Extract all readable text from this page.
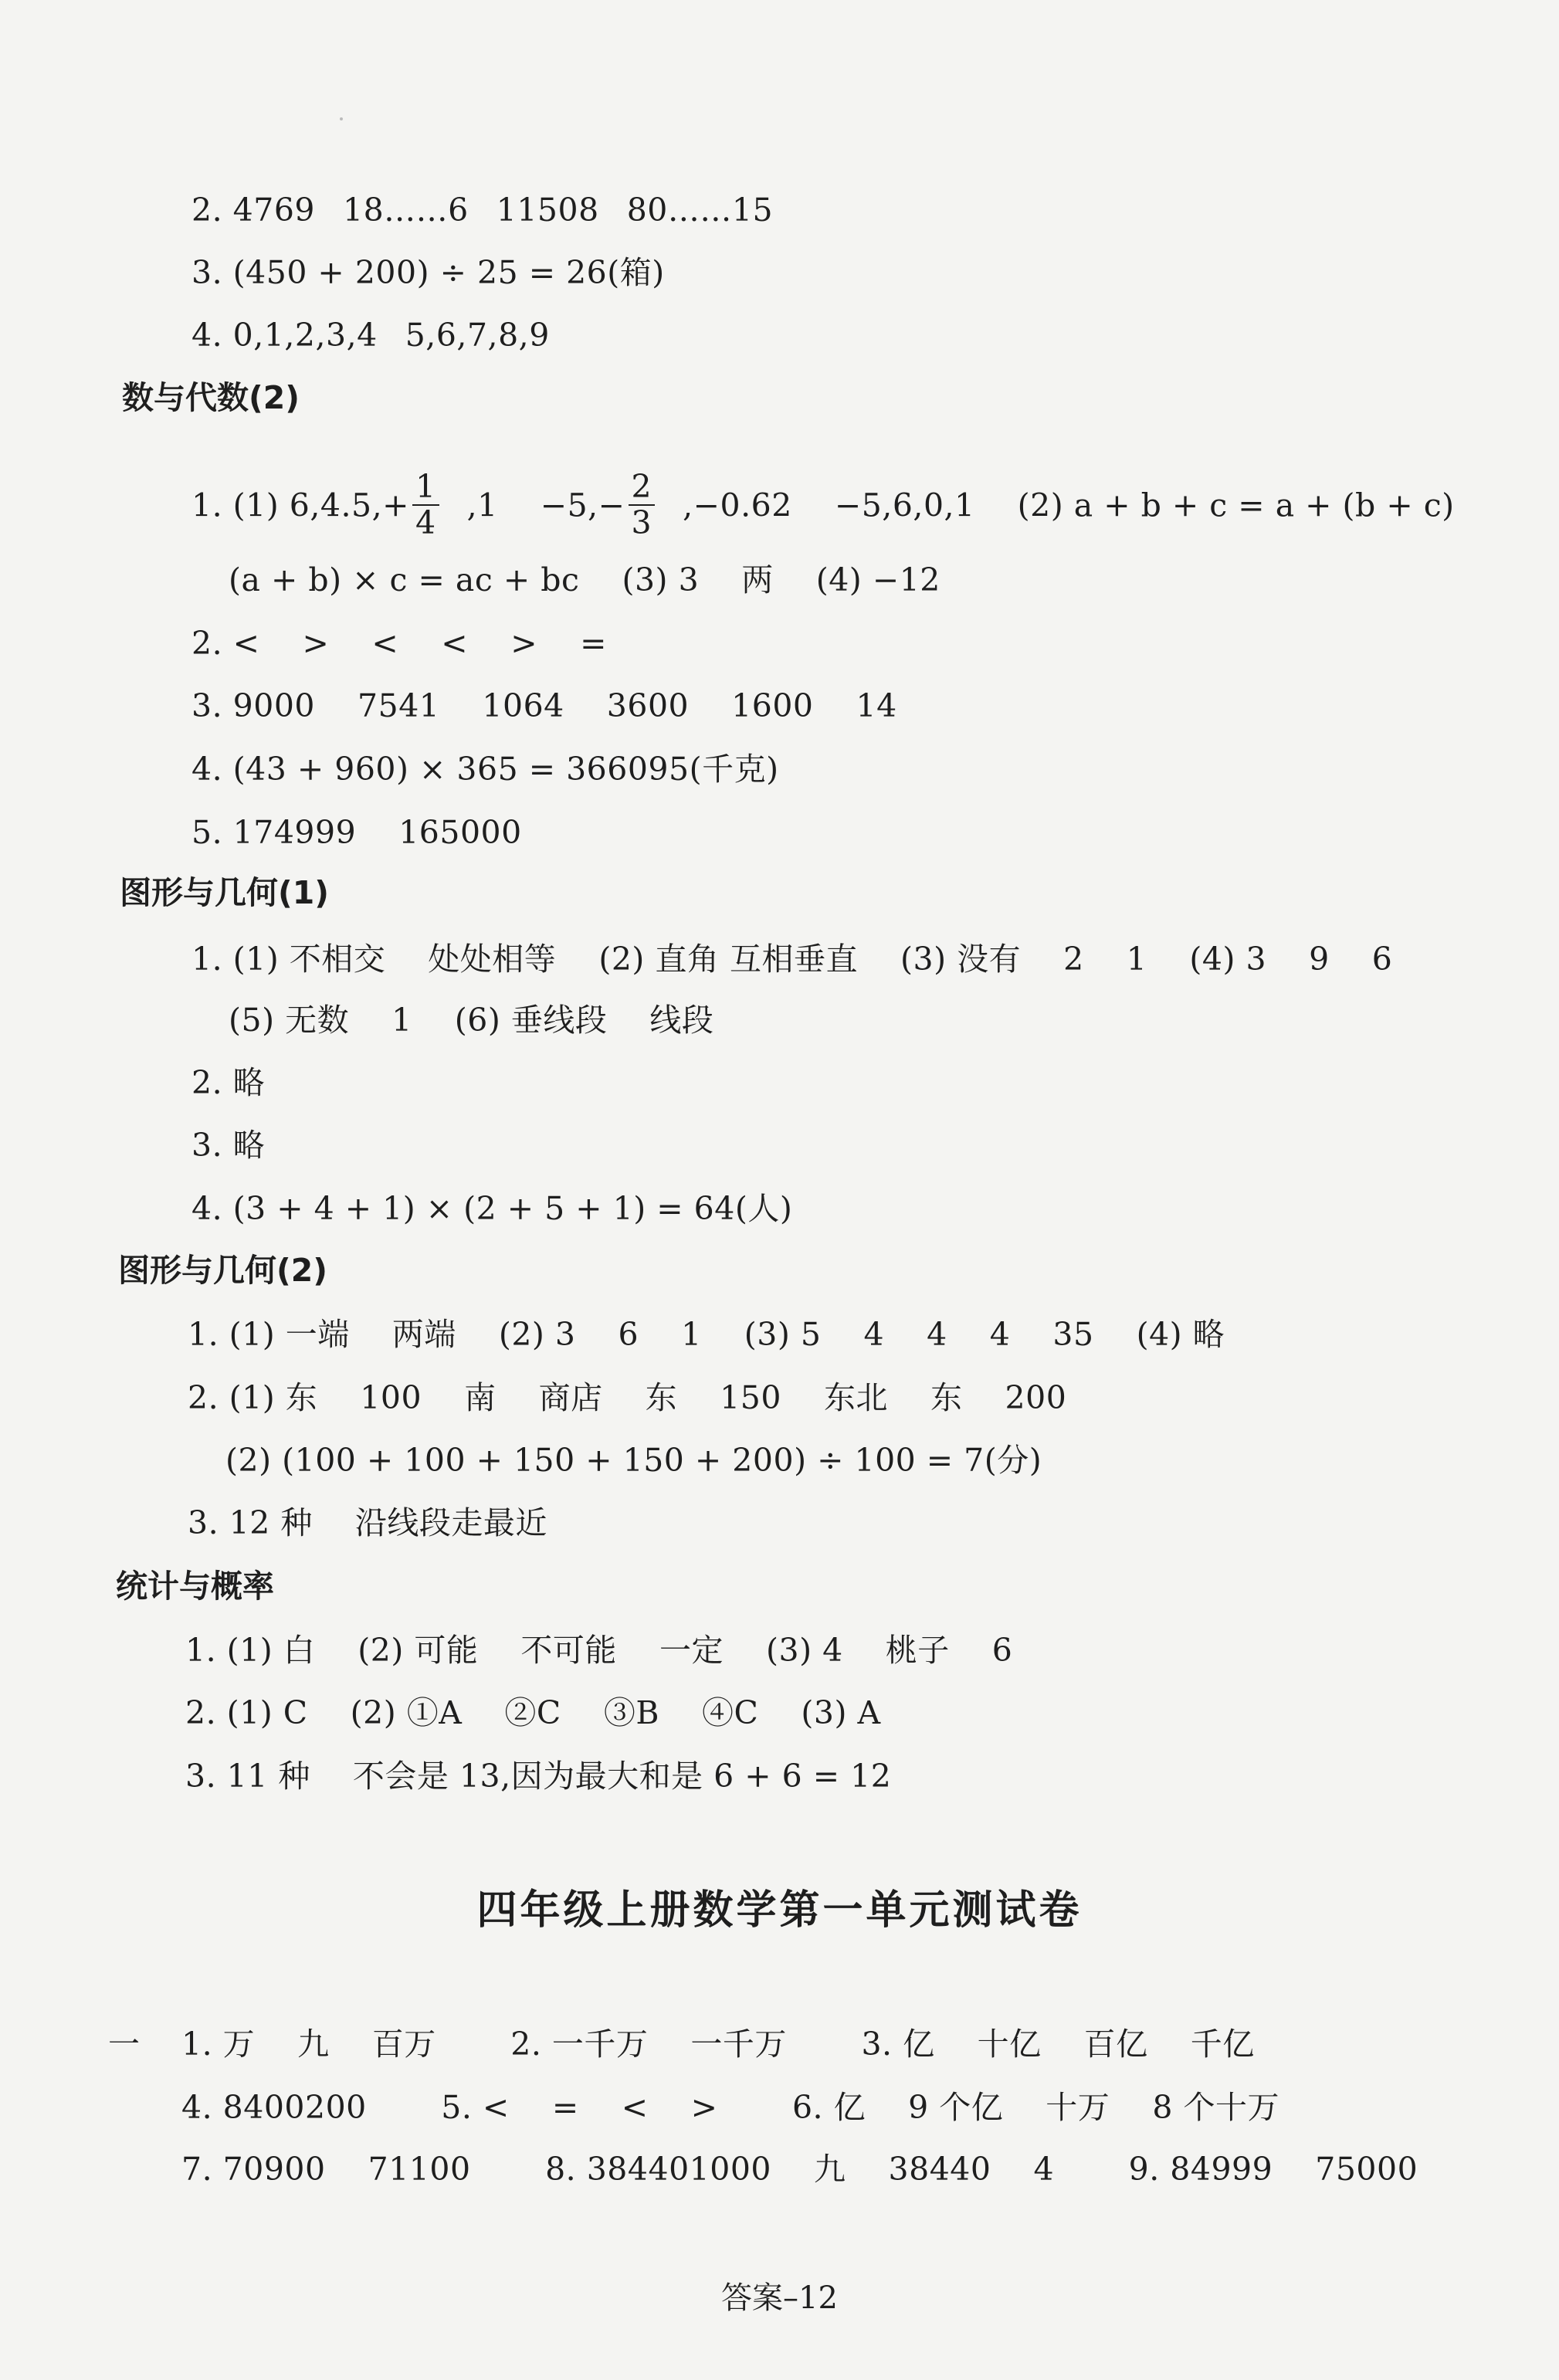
2. 4769 18……6 11508 80……15
3. (450 + 200) ÷ 25 = 26(箱)
4. 0,1,2,3,4 5,6,7,8,9
数与代数(2)
1. (1) $6,4.5,+ \frac{1}{4} ,1$　 $-5,- \frac{2}{3} ,-0.62$　 −5,6,0,1　 (2) a + b + c = a + (b + c)
(a + b) × c = ac + bc　 (3) 3　 两　 (4) −12
2. <　 >　 <　 <　 >　 =
3. 9000　 7541　 1064　 3600　 1600　 14
4. (43 + 960) × 365 = 366095(千克)
5. 174999　 165000
图形与几何(1)
1. (1) 不相交　 处处相等　 (2) 直角 互相垂直　 (3) 没有　 2　 1　 (4) 3　 9　 6
(5) 无数　 1　 (6) 垂线段　 线段
2. 略
3. 略
4. (3 + 4 + 1) × (2 + 5 + 1) = 64(人)
图形与几何(2)
1. (1) 一端　 两端　 (2) 3　 6　 1　 (3) 5　 4　 4　 4　 35　 (4) 略
2. (1) 东　 100　 南　 商店　 东　 150　 东北　 东　 200
(2) (100 + 100 + 150 + 150 + 200) ÷ 100 = 7(分)
3. 12 种　 沿线段走最近
统计与概率
1. (1) 白　 (2) 可能　 不可能　 一定　 (3) 4　 桃子　 6
2. (1) C　 (2) ①A　 ②C　 ③B　 ④C　 (3) A
3. 11 种　 不会是 13,因为最大和是 6 + 6 = 12
四年级上册数学第一单元测试卷
一 1. 万　 九　 百万　　 2. 一千万　 一千万　　 3. 亿　 十亿　 百亿　 千亿
4. 8400200　　 5. <　 =　 <　 >　　 6. 亿　 9 个亿　 十万　 8 个十万
7. 70900　 71100　　 8. 384401000　 九　 38440　 4　　 9. 84999　 75000
答案–12
